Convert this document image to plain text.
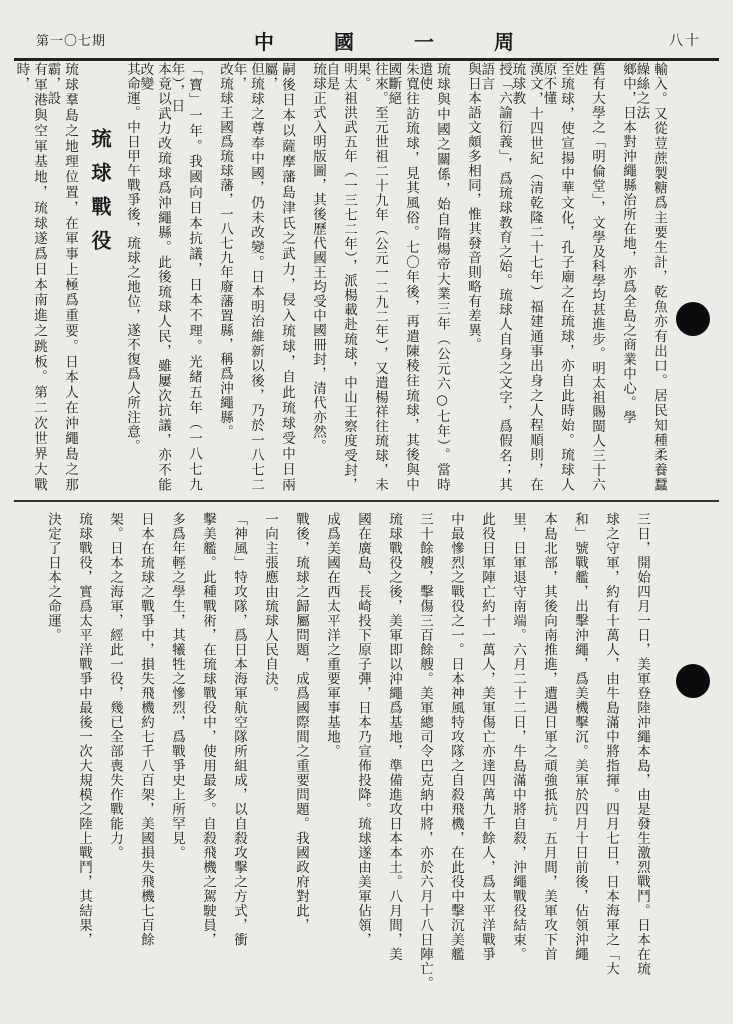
第一〇七期	中國一周	八十
琉球戰役	輸入。又從荳蔗製糖爲主要生計，乾魚亦有出口。居民知種柔養蠶繰絲之法
鄉中，日本對沖繩縣治所在地，亦爲全島之商業中心。學
舊有大學之「明倫堂」，文學及科學均甚進步。明太祖賜閩人三十六姓
至琉球，使宣揚中華文化，孔子廟之在琉球，亦自此時始。琉球人原不懂
漢文，十四世紀（清乾隆二十七年）福建通事出身之人程順則，在琉球教
授「六諭衍義」，爲琉球教育之始。琉球人自身之文字，爲假名；其語言
與日本語文頗多相同，惟其發音則略有差異。
琉球與中國之關係，始自隋煬帝大業三年（公元六○七年）。當時遣使
朱寬往訪琉球，見其風俗。七〇年後，再遣陳稜往琉球，其後與中國斷絕
往來。至元世祖二十九年（公元一二九二年），又遣楊祥往琉球，未果。
明太祖洪武五年（一三七二年），派楊載赴琉球，中山王察度受封，自是
琉球正式入明版圖，其後歷代國王均受中國冊封，清代亦然。
嗣後日本以薩摩藩島津氏之武力，侵入琉球，自此琉球受中日兩屬，
但琉球之尊奉中國，仍未改變。日本明治維新以後，乃於一八七二年，
改琉球王國爲琉球藩，一八七九年廢藩置縣，稱爲沖繩縣。
「寶」一年。我國向日本抗議，日本不理。光緒五年（一八七九年），日
本竟以武力改琉球爲沖繩縣。此後琉球人民，雖屢次抗議，亦不能改變
其命運。中日甲午戰爭後，琉球之地位，遂不復爲人所注意。
琉球羣島之地理位置，在軍事上極爲重要。日本人在沖繩島之那霸，設
有軍港與空軍基地，琉球遂爲日本南進之跳板。第二次世界大戰時，
三日，開始四月一日，美軍登陸沖繩本島，由是發生激烈戰鬥。日本在琉
球之守軍，約有十萬人，由牛島滿中將指揮。四月七日，日本海軍之「大
和」號戰艦，出擊沖繩，爲美機擊沉。美軍於四月十日前後，佔領沖繩
本島北部，其後向南推進，遭遇日軍之頑強抵抗。五月間，美軍攻下首
里，日軍退守南端。六月二十二日，牛島滿中將自殺，沖繩戰役結束。
此役日軍陣亡約十一萬人，美軍傷亡亦達四萬九千餘人，爲太平洋戰爭
中最慘烈之戰役之一。日本神風特攻隊之自殺飛機，在此役中擊沉美艦
三十餘艘，擊傷三百餘艘。美軍總司令巴克納中將，亦於六月十八日陣亡。
琉球戰役之後，美軍即以沖繩爲基地，準備進攻日本本土。八月間，美
國在廣島、長崎投下原子彈，日本乃宣佈投降。琉球遂由美軍佔領，
成爲美國在西太平洋之重要軍事基地。
戰後，琉球之歸屬問題，成爲國際間之重要問題。我國政府對此，
一向主張應由琉球人民自決。
「神風」特攻隊，爲日本海軍航空隊所組成，以自殺攻擊之方式，衝
擊美艦。此種戰術，在琉球戰役中，使用最多。自殺飛機之駕駛員，
多爲年輕之學生，其犧牲之慘烈，爲戰爭史上所罕見。
日本在琉球之戰爭中，損失飛機約七千八百架，美國損失飛機七百餘
架。日本之海軍，經此一役，幾已全部喪失作戰能力。
琉球戰役，實爲太平洋戰爭中最後一次大規模之陸上戰鬥，其結果，
決定了日本之命運。
